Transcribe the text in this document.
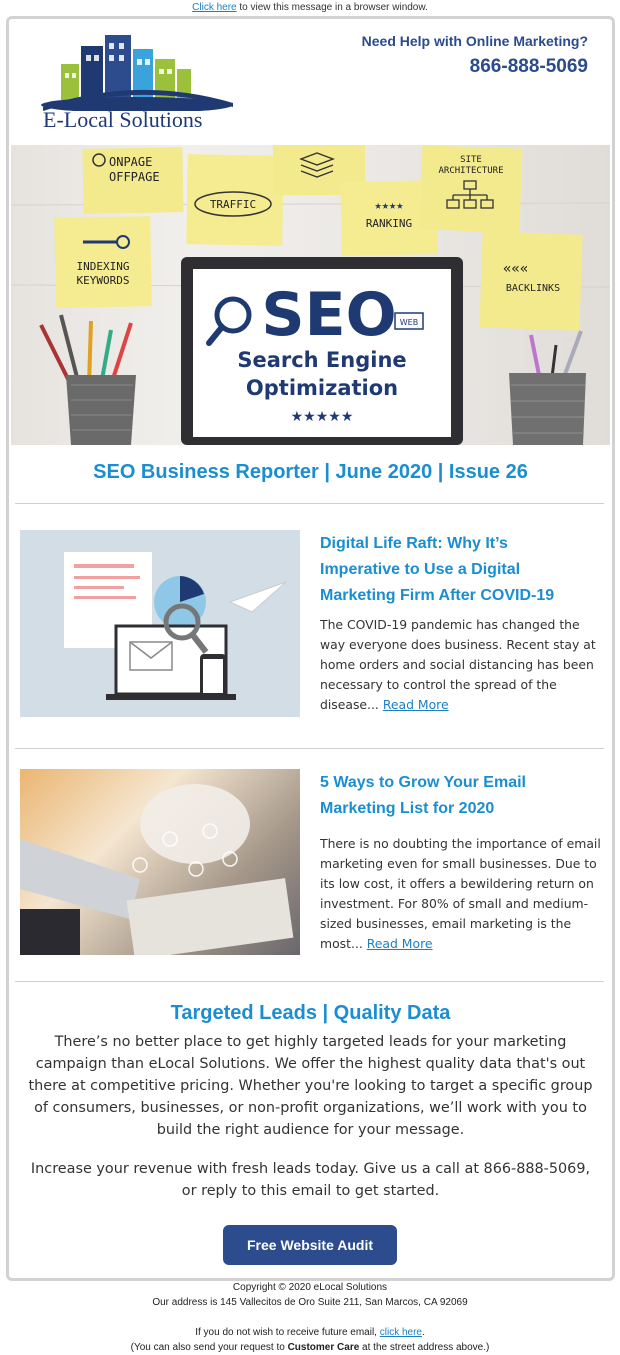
Click here to view this message in a browser window.
E-Local Solutions
Need Help with Online Marketing?
866-888-5069
ONPAGE
OFFPAGE
TRAFFIC	★★★★
RANKING
SITE
ARCHITECTURE
INDEXING
KEYWORDS
«««
BACKLINKS
SEO WEB
Search Engine
Optimization
★★★★★
SEO Business Reporter | June 2020 | Issue 26
Digital Life Raft: Why It’s Imperative to Use a Digital Marketing Firm After COVID-19
The COVID-19 pandemic has changed the way everyone does business. Recent stay at home orders and social distancing has been necessary to control the spread of the disease... Read More
5 Ways to Grow Your Email Marketing List for 2020
There is no doubting the importance of email marketing even for small businesses. Due to its low cost, it offers a bewildering return on investment. For 80% of small and medium-sized businesses, email marketing is the most... Read More
Targeted Leads | Quality Data
There’s no better place to get highly targeted leads for your marketing campaign than eLocal Solutions. We offer the highest quality data that's out there at competitive pricing. Whether you're looking to target a specific group of consumers, businesses, or non-profit organizations, we’ll work with you to build the right audience for your message.
Increase your revenue with fresh leads today. Give us a call at 866-888-5069, or reply to this email to get started.
Free Website Audit
Copyright © 2020 eLocal Solutions
Our address is 145 Vallecitos de Oro Suite 211, San Marcos, CA 92069
If you do not wish to receive future email, click here.
(You can also send your request to Customer Care at the street address above.)
